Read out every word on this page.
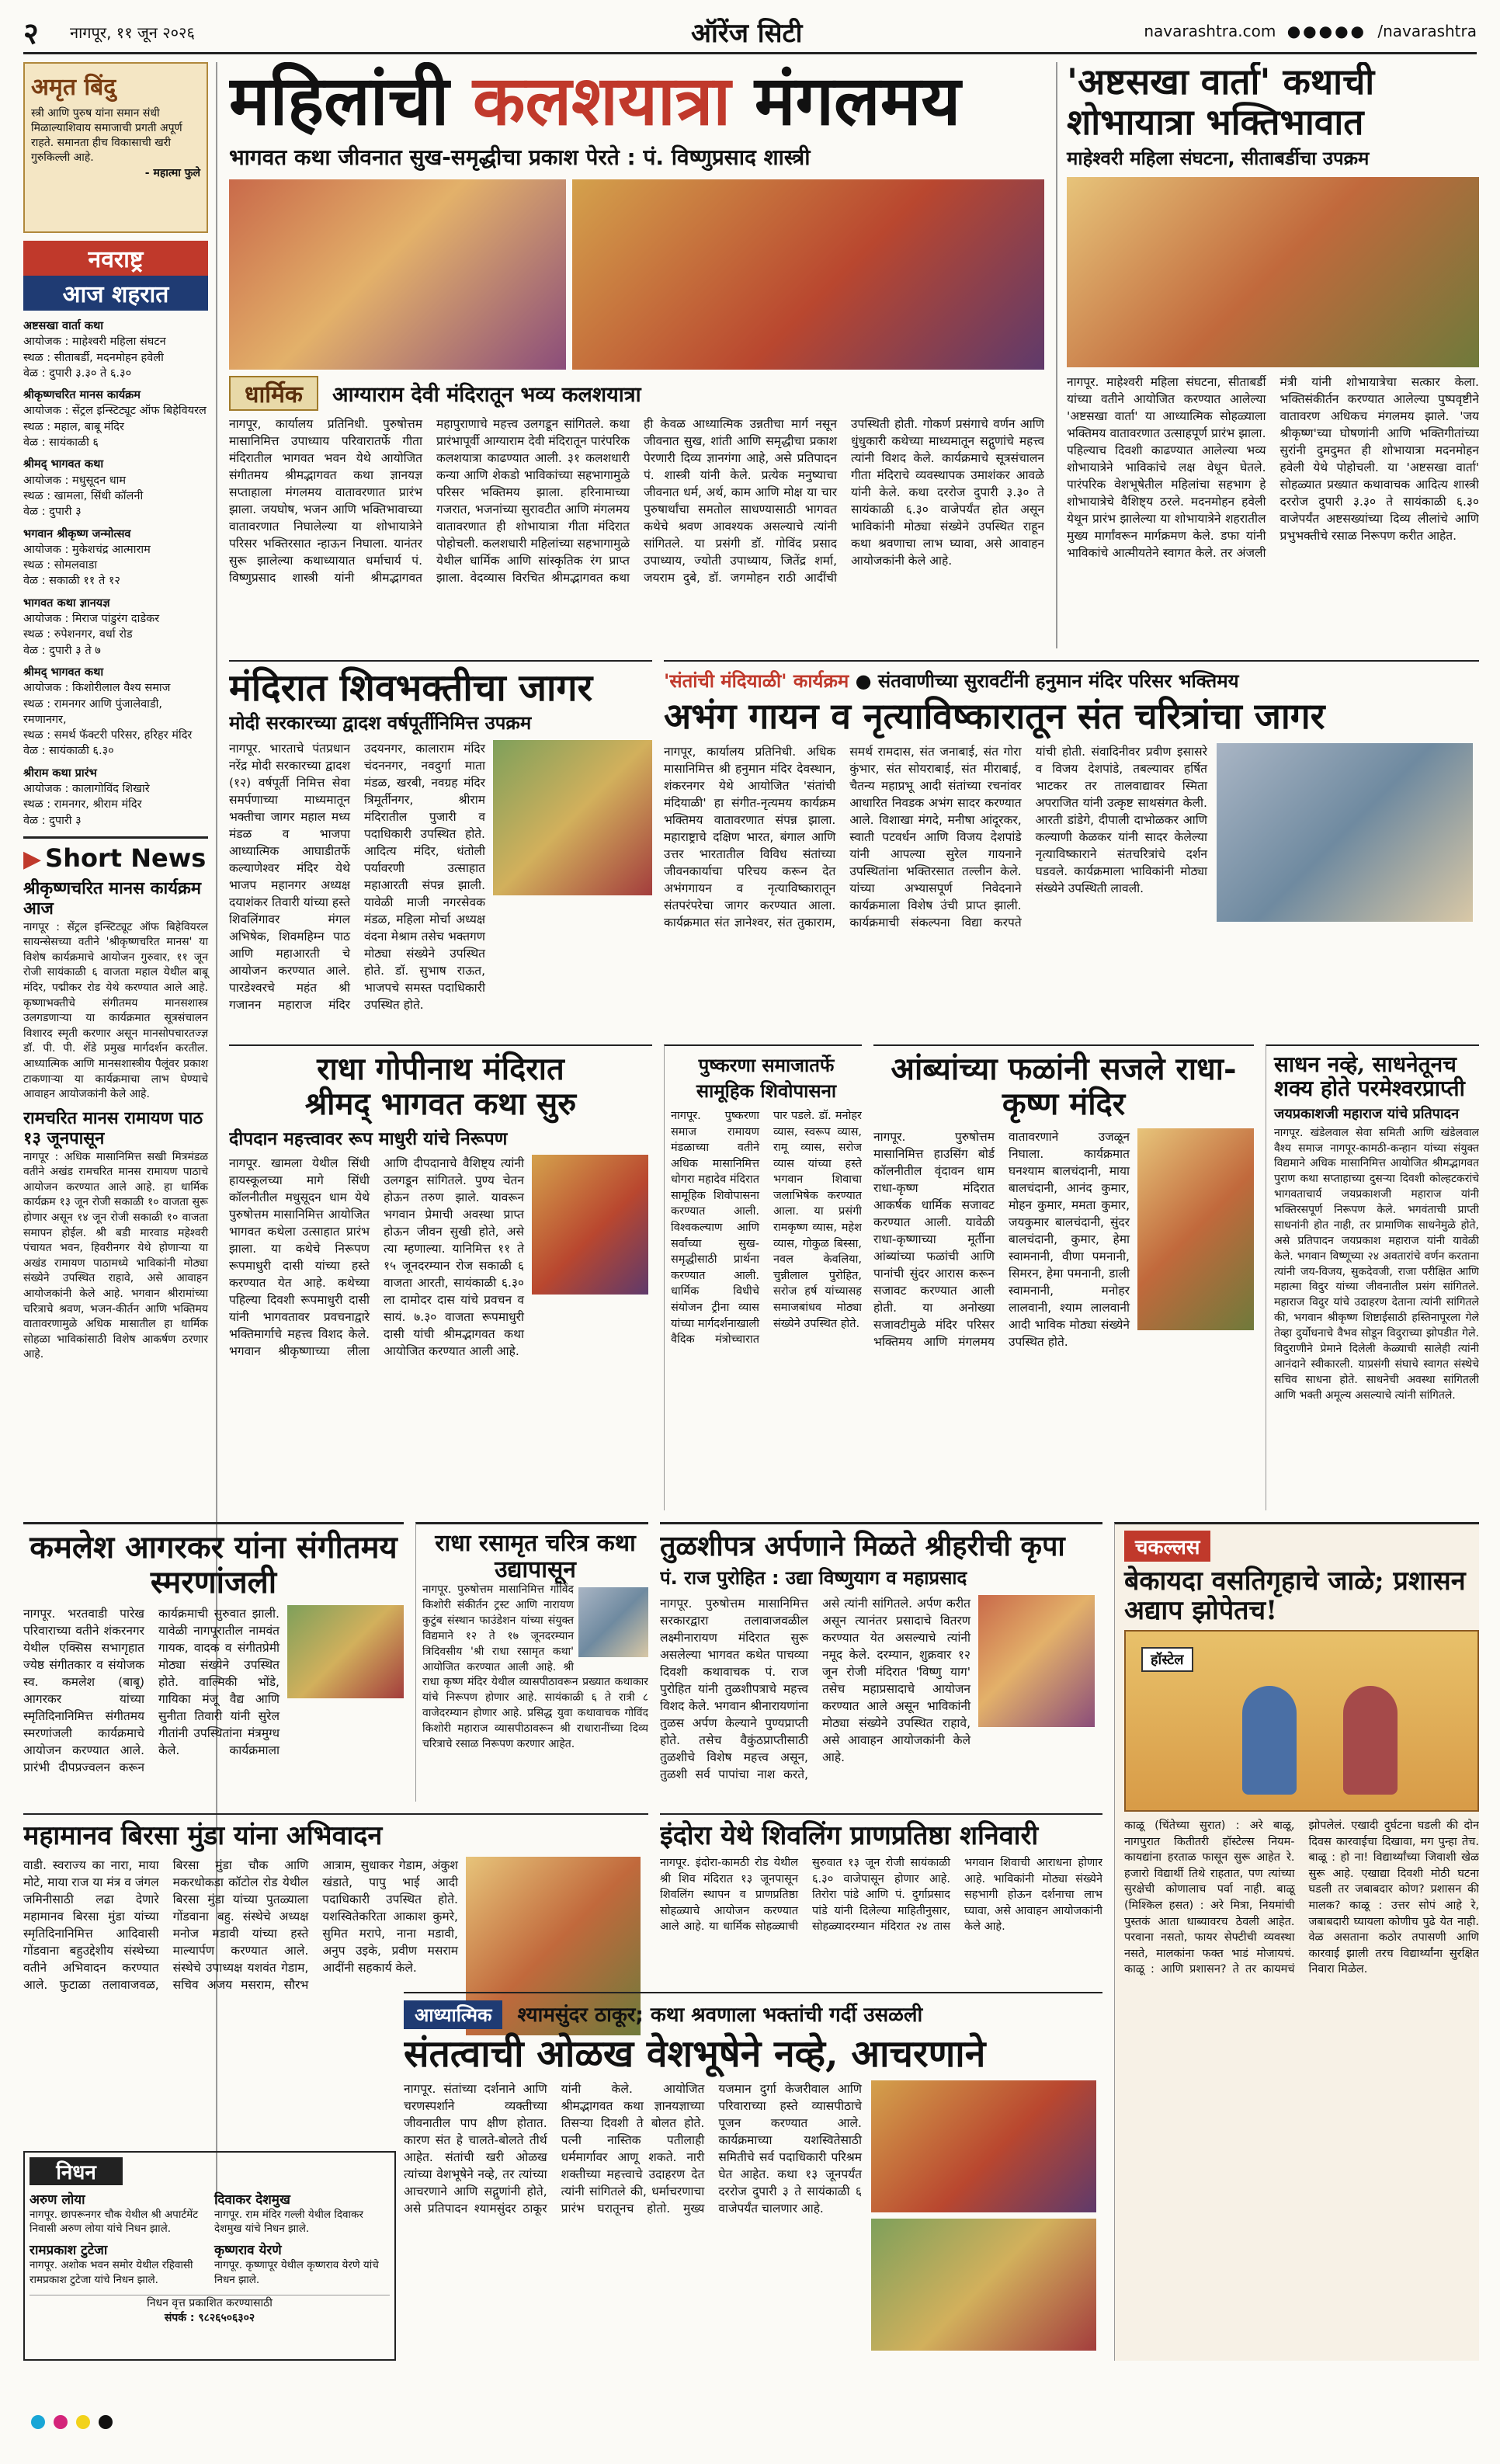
२ नागपूर, ११ जून २०२६	ऑरेंज सिटी	navarashtra.com ●●●●● /navarashtra
अमृत बिंदु
स्त्री आणि पुरुष यांना समान संधी मिळाल्याशिवाय समाजाची प्रगती अपूर्ण राहते. समानता हीच विकासाची खरी गुरुकिल्ली आहे.
- महात्मा फुले
नवराष्ट्र
आज शहरात
अष्टसखा वार्ता कथा
आयोजक : माहेश्वरी महिला संघटन
स्थळ : सीताबर्डी, मदनमोहन हवेली
वेळ : दुपारी ३.३० ते ६.३०
श्रीकृष्णचरित मानस कार्यक्रम
आयोजक : सेंट्रल इन्स्टिट्यूट ऑफ बिहेवियरल
स्थळ : महाल, बाबू मंदिर
वेळ : सायंकाळी ६
श्रीमद् भागवत कथा
आयोजक : मधुसूदन धाम
स्थळ : खामला, सिंधी कॉलनी
वेळ : दुपारी ३
भगवान श्रीकृष्ण जन्मोत्सव
आयोजक : मुकेशचंद्र आत्माराम
स्थळ : सोमलवाडा
वेळ : सकाळी ११ ते १२
भागवत कथा ज्ञानयज्ञ
आयोजक : मिराज पांडुरंग दाडेकर
स्थळ : रुपेशनगर, वर्धा रोड
वेळ : दुपारी ३ ते ७
श्रीमद् भागवत कथा
आयोजक : किशोरीलाल वैश्य समाज
स्थळ : रामनगर आणि पुंजालेवाडी, रमणानगर,
स्थळ : समर्थ फॅक्टरी परिसर, हरिहर मंदिर
वेळ : सायंकाळी ६.३०
श्रीराम कथा प्रारंभ
आयोजक : कालागोविंद शिखारे
स्थळ : रामनगर, श्रीराम मंदिर
वेळ : दुपारी ३
▶ Short News
श्रीकृष्णचरित मानस कार्यक्रम आज
नागपूर : सेंट्रल इन्स्टिट्यूट ऑफ बिहेवियरल सायन्सेसच्या वतीने 'श्रीकृष्णचरित मानस' या विशेष कार्यक्रमाचे आयोजन गुरुवार, ११ जून रोजी सायंकाळी ६ वाजता महाल येथील बाबू मंदिर, पद्मीकर रोड येथे करण्यात आले आहे. कृष्णाभक्तीचे संगीतमय मानसशास्त्र उलगडणाऱ्या या कार्यक्रमात सूत्रसंचालन विशारद स्मृती करणार असून मानसोपचारतज्ज्ञ डॉ. पी. पी. शेंडे प्रमुख मार्गदर्शन करतील. आध्यात्मिक आणि मानसशास्त्रीय पैलूंवर प्रकाश टाकणाऱ्या या कार्यक्रमाचा लाभ घेण्याचे आवाहन आयोजकांनी केले आहे.
रामचरित मानस रामायण पाठ १३ जूनपासून
नागपूर : अधिक मासानिमित्त सखी मित्रमंडळ वतीने अखंड रामचरित मानस रामायण पाठाचे आयोजन करण्यात आले आहे. हा धार्मिक कार्यक्रम १३ जून रोजी सकाळी १० वाजता सुरू होणार असून १४ जून रोजी सकाळी १० वाजता समापन होईल. श्री बडी मारवाड महेश्वरी पंचायत भवन, हिवरीनगर येथे होणाऱ्या या अखंड रामायण पाठामध्ये भाविकांनी मोठ्या संख्येने उपस्थित राहावे, असे आवाहन आयोजकांनी केले आहे. भगवान श्रीरामांच्या चरित्राचे श्रवण, भजन-कीर्तन आणि भक्तिमय वातावरणामुळे अधिक मासातील हा धार्मिक सोहळा भाविकांसाठी विशेष आकर्षण ठरणार आहे.
महिलांची कलशयात्रा मंगलमय
भागवत कथा जीवनात सुख-समृद्धीचा प्रकाश पेरते : पं. विष्णुप्रसाद शास्त्री
धार्मिक	आग्याराम देवी मंदिरातून भव्य कलशयात्रा
नागपूर, कार्यालय प्रतिनिधी. पुरुषोत्तम मासानिमित्त उपाध्याय परिवारातर्फे गीता मंदिरातील भागवत भवन येथे आयोजित संगीतमय श्रीमद्भागवत कथा ज्ञानयज्ञ सप्ताहाला मंगलमय वातावरणात प्रारंभ झाला. जयघोष, भजन आणि भक्तिभावाच्या वातावरणात निघालेल्या या शोभायात्रेने परिसर भक्तिरसात न्हाऊन निघाला. यानंतर सुरू झालेल्या कथाध्यायात धर्माचार्य पं. विष्णुप्रसाद शास्त्री यांनी श्रीमद्भागवत महापुराणाचे महत्त्व उलगडून सांगितले. कथा प्रारंभापूर्वी आग्याराम देवी मंदिरातून पारंपरिक कलशयात्रा काढण्यात आली. ३१ कलशधारी कन्या आणि शेकडो भाविकांच्या सहभागामुळे परिसर भक्तिमय झाला. हरिनामाच्या गजरात, भजनांच्या सुरावटीत आणि मंगलमय वातावरणात ही शोभायात्रा गीता मंदिरात पोहोचली. कलशधारी महिलांच्या सहभागामुळे येथील धार्मिक आणि सांस्कृतिक रंग प्राप्त झाला. वेदव्यास विरचित श्रीमद्भागवत कथा ही केवळ आध्यात्मिक उन्नतीचा मार्ग नसून जीवनात सुख, शांती आणि समृद्धीचा प्रकाश पेरणारी दिव्य ज्ञानगंगा आहे, असे प्रतिपादन पं. शास्त्री यांनी केले. प्रत्येक मनुष्याचा जीवनात धर्म, अर्थ, काम आणि मोक्ष या चार पुरुषार्थांचा समतोल साधण्यासाठी भागवत कथेचे श्रवण आवश्यक असल्याचे त्यांनी सांगितले. या प्रसंगी डॉ. गोविंद प्रसाद उपाध्याय, ज्योती उपाध्याय, जितेंद्र शर्मा, जयराम दुबे, डॉ. जगमोहन राठी आदींची उपस्थिती होती. गोकर्ण प्रसंगाचे वर्णन आणि धुंधुकारी कथेच्या माध्यमातून सद्गुणांचे महत्त्व त्यांनी विशद केले. कार्यक्रमाचे सूत्रसंचालन गीता मंदिराचे व्यवस्थापक उमाशंकर आवळे यांनी केले. कथा दररोज दुपारी ३.३० ते सायंकाळी ६.३० वाजेपर्यंत होत असून भाविकांनी मोठ्या संख्येने उपस्थित राहून कथा श्रवणाचा लाभ घ्यावा, असे आवाहन आयोजकांनी केले आहे.
'अष्टसखा वार्ता' कथाची शोभायात्रा भक्तिभावात
माहेश्वरी महिला संघटना, सीताबर्डीचा उपक्रम
नागपूर. माहेश्वरी महिला संघटना, सीताबर्डी यांच्या वतीने आयोजित करण्यात आलेल्या 'अष्टसखा वार्ता' या आध्यात्मिक सोहळ्याला भक्तिमय वातावरणात उत्साहपूर्ण प्रारंभ झाला. पहिल्याच दिवशी काढण्यात आलेल्या भव्य शोभायात्रेने भाविकांचे लक्ष वेधून घेतले. पारंपरिक वेशभूषेतील महिलांचा सहभाग हे शोभायात्रेचे वैशिष्ट्य ठरले. मदनमोहन हवेली येथून प्रारंभ झालेल्या या शोभायात्रेने शहरातील मुख्य मार्गांवरून मार्गक्रमण केले. डफा यांनी भाविकांचे आत्मीयतेने स्वागत केले. तर अंजली मंत्री यांनी शोभायात्रेचा सत्कार केला. भक्तिसंकीर्तन करण्यात आलेल्या पुष्पवृष्टीने वातावरण अधिकच मंगलमय झाले. 'जय श्रीकृष्ण'च्या घोषणांनी आणि भक्तिगीतांच्या सुरांनी दुमदुमत ही शोभायात्रा मदनमोहन हवेली येथे पोहोचली. या 'अष्टसखा वार्ता' सोहळ्यात प्रख्यात कथावाचक आदित्य शास्त्री दररोज दुपारी ३.३० ते सायंकाळी ६.३० वाजेपर्यंत अष्टसख्यांच्या दिव्य लीलांचे आणि प्रभुभक्तीचे रसाळ निरूपण करीत आहेत.
मंदिरात शिवभक्तीचा जागर
मोदी सरकारच्या द्वादश वर्षपूर्तीनिमित्त उपक्रम
नागपूर. भारताचे पंतप्रधान नरेंद्र मोदी सरकारच्या द्वादश (१२) वर्षपूर्ती निमित्त सेवा समर्पणाच्या माध्यमातून भक्तीचा जागर महाल मध्य मंडळ व भाजपा आध्यात्मिक आघाडीतर्फे कल्याणेश्वर मंदिर येथे भाजप महानगर अध्यक्ष दयाशंकर तिवारी यांच्या हस्ते शिवलिंगावर मंगल अभिषेक, शिवमहिम्न पाठ आणि महाआरती चे आयोजन करण्यात आले. पारडेश्वरचे महंत श्री गजानन महाराज मंदिर उदयनगर, कालाराम मंदिर चंदननगर, नवदुर्गा माता मंडळ, खरबी, नवग्रह मंदिर त्रिमूर्तीनगर, श्रीराम मंदिरातील पुजारी व पदाधिकारी उपस्थित होते. आदित्य मंदिर, धंतोली पर्यावरणी उत्साहात महाआरती संपन्न झाली. यावेळी माजी नगरसेवक मंडळ, महिला मोर्चा अध्यक्ष वंदना मेश्राम तसेच भक्तगण मोठ्या संख्येने उपस्थित होते. डॉ. सुभाष राऊत, भाजपचे समस्त पदाधिकारी उपस्थित होते.
'संतांची मंदियाळी' कार्यक्रम ● संतवाणीच्या सुरावटींनी हनुमान मंदिर परिसर भक्तिमय
अभंग गायन व नृत्याविष्कारातून संत चरित्रांचा जागर
नागपूर, कार्यालय प्रतिनिधी. अधिक मासानिमित्त श्री हनुमान मंदिर देवस्थान, शंकरनगर येथे आयोजित 'संतांची मंदियाळी' हा संगीत-नृत्यमय कार्यक्रम भक्तिमय वातावरणात संपन्न झाला. महाराष्ट्राचे दक्षिण भारत, बंगाल आणि उत्तर भारतातील विविध संतांच्या जीवनकार्याचा परिचय करून देत अभंगगायन व नृत्याविष्कारातून संतपरंपरेचा जागर करण्यात आला. कार्यक्रमात संत ज्ञानेश्वर, संत तुकाराम, समर्थ रामदास, संत जनाबाई, संत गोरा कुंभार, संत सोयराबाई, संत मीराबाई, चैतन्य महाप्रभू आदी संतांच्या रचनांवर आधारित निवडक अभंग सादर करण्यात आले. विशाखा मंगदे, मनीषा आंदूरकर, स्वाती पटवर्धन आणि विजय देशपांडे यांनी आपल्या सुरेल गायनाने उपस्थितांना भक्तिरसात तल्लीन केले. यांच्या अभ्यासपूर्ण निवेदनाने कार्यक्रमाला विशेष उंची प्राप्त झाली. कार्यक्रमाची संकल्पना विद्या करपते यांची होती. संवादिनीवर प्रवीण इसासरे व विजय देशपांडे, तबल्यावर हर्षित भाटकर तर तालवाद्यावर स्मिता अपराजित यांनी उत्कृष्ट साथसंगत केली. आरती डांडेगे, दीपाली दाभोळकर आणि कल्याणी केळकर यांनी सादर केलेल्या नृत्याविष्काराने संतचरित्रांचे दर्शन घडवले. कार्यक्रमाला भाविकांनी मोठ्या संख्येने उपस्थिती लावली.
राधा गोपीनाथ मंदिरात
श्रीमद् भागवत कथा सुरु
दीपदान महत्त्वावर रूप माधुरी यांचे निरूपण
नागपूर. खामला येथील सिंधी हायस्कूलच्या मागे सिंधी कॉलनीतील मधुसूदन धाम येथे पुरुषोत्तम मासानिमित्त आयोजित भागवत कथेला उत्साहात प्रारंभ झाला. या कथेचे निरूपण रूपमाधुरी दासी यांच्या हस्ते करण्यात येत आहे. कथेच्या पहिल्या दिवशी रूपमाधुरी दासी यांनी भागवतावर प्रवचनाद्वारे भक्तिमार्गाचे महत्त्व विशद केले. भगवान श्रीकृष्णाच्या लीला आणि दीपदानाचे वैशिष्ट्य त्यांनी उलगडून सांगितले. पुण्य चेतन होऊन तरुण झाले. यावरून भगवान प्रेमाची अवस्था प्राप्त होऊन जीवन सुखी होते, असे त्या म्हणाल्या. यानिमित्त ११ ते १५ जूनदरम्यान रोज सकाळी ६ वाजता आरती, सायंकाळी ६.३० ला दामोदर दास यांचे प्रवचन व सायं. ७.३० वाजता रूपमाधुरी दासी यांची श्रीमद्भागवत कथा आयोजित करण्यात आली आहे.
पुष्करणा समाजातर्फे सामूहिक शिवोपासना
नागपूर. पुष्करणा समाज रामायण मंडळाच्या वतीने अधिक मासानिमित्त धोगरा महादेव मंदिरात सामूहिक शिवोपासना करण्यात आली. विश्वकल्याण आणि सर्वांच्या सुख-समृद्धीसाठी प्रार्थना करण्यात आली. धार्मिक विधीचे संयोजन ट्रीना व्यास यांच्या मार्गदर्शनाखाली वैदिक मंत्रोच्चारात पार पडले. डॉ. मनोहर व्यास, स्वरूप व्यास, रामू व्यास, सरोज व्यास यांच्या हस्ते भगवान शिवाचा जलाभिषेक करण्यात आला. या प्रसंगी रामकृष्ण व्यास, महेश व्यास, गोकुळ बिस्सा, नवल केवलिया, चुन्नीलाल पुरोहित, सरोज हर्ष यांच्यासह समाजबांधव मोठ्या संख्येने उपस्थित होते.
आंब्यांच्या फळांनी सजले राधा-कृष्ण मंदिर
नागपूर. पुरुषोत्तम मासानिमित्त हाउसिंग बोर्ड कॉलनीतील वृंदावन धाम राधा-कृष्ण मंदिरात आकर्षक धार्मिक सजावट करण्यात आली. यावेळी राधा-कृष्णाच्या मूर्तीना आंब्यांच्या फळांची आणि पानांची सुंदर आरास करून सजावट करण्यात आली होती. या अनोख्या सजावटीमुळे मंदिर परिसर भक्तिमय आणि मंगलमय वातावरणाने उजळून निघाला. कार्यक्रमात घनश्याम बालचंदानी, माया बालचंदानी, आनंद कुमार, मोहन कुमार, ममता कुमार, जयकुमार बालचंदानी, सुंदर बालचंदानी, कुमार, हेमा स्वामनानी, वीणा पमनानी, सिमरन, हेमा पमनानी, डाली स्वामनानी, मनोहर लालवानी, श्याम लालवानी आदी भाविक मोठ्या संख्येने उपस्थित होते.
साधन नव्हे, साधनेतूनच शक्य होते परमेश्वरप्राप्ती
जयप्रकाशजी महाराज यांचे प्रतिपादन
नागपूर. खंडेलवाल सेवा समिती आणि खंडेलवाल वैश्य समाज नागपूर-कामठी-कन्हान यांच्या संयुक्त विद्यमाने अधिक मासानिमित्त आयोजित श्रीमद्भागवत पुराण कथा सप्ताहाच्या दुसऱ्या दिवशी कोल्हटकरांचे भागवताचार्य जयप्रकाशजी महाराज यांनी भक्तिरसपूर्ण निरूपण केले. भगवंताची प्राप्ती साधनांनी होत नाही, तर प्रामाणिक साधनेमुळे होते, असे प्रतिपादन जयप्रकाश महाराज यांनी यावेळी केले. भगवान विष्णूच्या २४ अवतारांचे वर्णन करताना त्यांनी जय-विजय, सुकदेवजी, राजा परीक्षित आणि महात्मा विदुर यांच्या जीवनातील प्रसंग सांगितले. महाराज विदुर यांचे उदाहरण देताना त्यांनी सांगितले की, भगवान श्रीकृष्ण शिष्टाईसाठी हस्तिनापूरला गेले तेव्हा दुर्योधनाचे वैभव सोडून विदुराच्या झोपडीत गेले. विदुराणीने प्रेमाने दिलेली केळ्याची सालेही त्यांनी आनंदाने स्वीकारली. याप्रसंगी संघाचे स्वागत संस्थेचे सचिव साधना होते. साधनेची अवस्था सांगितली आणि भक्ती अमूल्य असल्याचे त्यांनी सांगितले.
कमलेश आगरकर यांना संगीतमय स्मरणांजली
नागपूर. भरतवाडी पारेख परिवाराच्या वतीने शंकरनगर येथील एक्सिस सभागृहात ज्येष्ठ संगीतकार व संयोजक स्व. कमलेश (बाबू) आगरकर यांच्या स्मृतिदिनानिमित्त संगीतमय स्मरणांजली कार्यक्रमाचे आयोजन करण्यात आले. प्रारंभी दीपप्रज्वलन करून कार्यक्रमाची सुरुवात झाली. यावेळी नागपूरातील नामवंत गायक, वादक व संगीतप्रेमी मोठ्या संख्येने उपस्थित होते. वाल्मिकी भोंडे, गायिका मंजू वैद्य आणि सुनीता तिवारी यांनी सुरेल गीतांनी उपस्थितांना मंत्रमुग्ध केले. कार्यक्रमाला
राधा रसामृत चरित्र कथा उद्यापासून
नागपूर. पुरुषोत्तम मासानिमित्त गोविंद किशोरी संकीर्तन ट्रस्ट आणि नारायण कुटुंब संस्थान फाउंडेशन यांच्या संयुक्त विद्यमाने १२ ते १७ जूनदरम्यान त्रिदिवसीय 'श्री राधा रसामृत कथा' आयोजित करण्यात आली आहे. श्री राधा कृष्ण मंदिर येथील व्यासपीठावरून प्रख्यात कथाकार यांचे निरूपण होणार आहे. सायंकाळी ६ ते रात्री ८ वाजेदरम्यान होणार आहे. प्रसिद्ध युवा कथावाचक गोविंद किशोरी महाराज व्यासपीठावरून श्री राधारानींच्या दिव्य चरित्राचे रसाळ निरूपण करणार आहेत.
तुळशीपत्र अर्पणाने मिळते श्रीहरीची कृपा
पं. राज पुरोहित : उद्या विष्णुयाग व महाप्रसाद
नागपूर. पुरुषोत्तम मासानिमित्त सरकारद्वारा तलावाजवळील लक्ष्मीनारायण मंदिरात सुरू असलेल्या भागवत कथेत पाचव्या दिवशी कथावाचक पं. राज पुरोहित यांनी तुळशीपत्राचे महत्त्व विशद केले. भगवान श्रीनारायणांना तुळस अर्पण केल्याने पुण्यप्राप्ती होते. तसेच वैकुंठप्राप्तीसाठी तुळशीचे विशेष महत्त्व असून, तुळशी सर्व पापांचा नाश करते, असे त्यांनी सांगितले. अर्पण करीत असून त्यानंतर प्रसादाचे वितरण करण्यात येत असल्याचे त्यांनी नमूद केले. दरम्यान, शुक्रवार १२ जून रोजी मंदिरात 'विष्णु याग' तसेच महाप्रसादाचे आयोजन करण्यात आले असून भाविकांनी मोठ्या संख्येने उपस्थित राहावे, असे आवाहन आयोजकांनी केले आहे.
चकल्लस
बेकायदा वसतिगृहाचे जाळे; प्रशासन अद्याप झोपेतच!
हॉस्टेल
काळू (चिंतेच्या सुरात) : अरे बाळू, नागपुरात कितीतरी हॉस्टेल्स नियम-कायद्यांना हरताळ फासून सुरू आहेत रे. हजारो विद्यार्थी तिथे राहतात, पण त्यांच्या सुरक्षेची कोणालाच पर्वा नाही. बाळू (मिश्किल हसत) : अरे मित्रा, नियमांची पुस्तकं आता धाब्यावरच ठेवली आहेत. परवाना नसतो, फायर सेफ्टीची व्यवस्था नसते, मालकांना फक्त भाडं मोजायचं. काळू : आणि प्रशासन? ते तर कायमचं झोपलेलं. एखादी दुर्घटना घडली की दोन दिवस कारवाईचा दिखावा, मग पुन्हा तेच. बाळू : हो ना! विद्यार्थ्यांच्या जिवाशी खेळ सुरू आहे. एखाद्या दिवशी मोठी घटना घडली तर जबाबदार कोण? प्रशासन की मालक? काळू : उत्तर सोपं आहे रे, जबाबदारी घ्यायला कोणीच पुढे येत नाही. वेळ असताना कठोर तपासणी आणि कारवाई झाली तरच विद्यार्थ्यांना सुरक्षित निवारा मिळेल.
महामानव बिरसा मुंडा यांना अभिवादन
वाडी. स्वराज्य का नारा, माया मोटे, माया राज या मंत्र व जंगल जमिनीसाठी लढा देणारे महामानव बिरसा मुंडा यांच्या स्मृतिदिनानिमित्त आदिवासी गोंडवाना बहुउद्देशीय संस्थेच्या वतीने अभिवादन करण्यात आले. फुटाळा तलावाजवळ, बिरसा मुंडा चौक आणि मकरधोकडा कॉटोल रोड येथील बिरसा मुंडा यांच्या पुतळ्याला गोंडवाना बहु. संस्थेचे अध्यक्ष मनोज मडावी यांच्या हस्ते माल्यार्पण करण्यात आले. संस्थेचे उपाध्यक्ष यशवंत गेडाम, सचिव अजय मसराम, सौरभ आत्राम, सुधाकर गेडाम, अंकुश खंडाते, पापु भाई आदी पदाधिकारी उपस्थित होते. यशस्वितेकरिता आकाश कुमरे, सुमित मरापे, नाना मडावी, अनुप उइके, प्रवीण मसराम आदींनी सहकार्य केले.
इंदोरा येथे शिवलिंग प्राणप्रतिष्ठा शनिवारी
नागपूर. इंदोरा-कामठी रोड येथील श्री शिव मंदिरात १३ जूनपासून शिवलिंग स्थापन व प्राणप्रतिष्ठा सोहळ्याचे आयोजन करण्यात आले आहे. या धार्मिक सोहळ्याची सुरुवात १३ जून रोजी सायंकाळी ६.३० वाजेपासून होणार आहे. तिरोरा पांडे आणि पं. दुर्गाप्रसाद पांडे यांनी दिलेल्या माहितीनुसार, सोहळ्यादरम्यान मंदिरात २४ तास भगवान शिवाची आराधना होणार आहे. भाविकांनी मोठ्या संख्येने सहभागी होऊन दर्शनाचा लाभ घ्यावा, असे आवाहन आयोजकांनी केले आहे.
आध्यात्मिक श्यामसुंदर ठाकूर; कथा श्रवणाला भक्तांची गर्दी उसळली
संतत्वाची ओळख वेशभूषेने नव्हे, आचरणाने
नागपूर. संतांच्या दर्शनाने आणि चरणस्पर्शाने व्यक्तीच्या जीवनातील पाप क्षीण होतात. कारण संत हे चालते-बोलते तीर्थ आहेत. संतांची खरी ओळख त्यांच्या वेशभूषेने नव्हे, तर त्यांच्या आचरणाने आणि सद्गुणांनी होते, असे प्रतिपादन श्यामसुंदर ठाकूर यांनी केले. आयोजित श्रीमद्भागवत कथा ज्ञानयज्ञाच्या तिसऱ्या दिवशी ते बोलत होते. पत्नी नास्तिक पतीलाही धर्ममार्गावर आणू शकते. नारी शक्तीच्या महत्त्वाचे उदाहरण देत त्यांनी सांगितले की, धर्माचरणाचा प्रारंभ घरातूनच होतो. मुख्य यजमान दुर्गा केजरीवाल आणि परिवाराच्या हस्ते व्यासपीठाचे पूजन करण्यात आले. कार्यक्रमाच्या यशस्वितेसाठी समितीचे सर्व पदाधिकारी परिश्रम घेत आहेत. कथा १३ जूनपर्यंत दररोज दुपारी ३ ते सायंकाळी ६ वाजेपर्यंत चालणार आहे.
निधन
अरुण लोया
नागपूर. छापरूनगर चौक येथील श्री अपार्टमेंट निवासी अरुण लोया यांचे निधन झाले.
रामप्रकाश टुटेजा
नागपूर. अशोक भवन समोर येथील रहिवासी रामप्रकाश टुटेजा यांचे निधन झाले.
दिवाकर देशमुख
नागपूर. राम मंदिर गल्ली येथील दिवाकर देशमुख यांचे निधन झाले.
कृष्णराव येरणे
नागपूर. कृष्णापूर येथील कृष्णराव येरणे यांचे निधन झाले.
निधन वृत्त प्रकाशित करण्यासाठी
संपर्क : ९८२६५०६३०२
